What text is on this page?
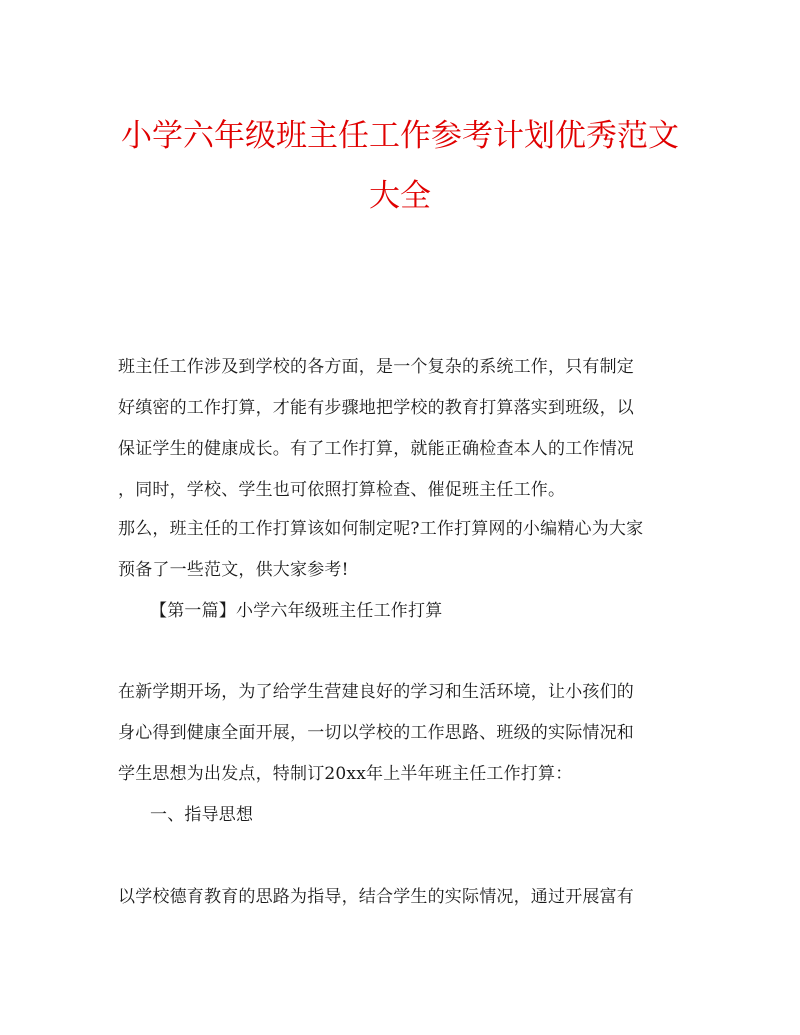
小学六年级班主任工作参考计划优秀范文
大全
班主任工作涉及到学校的各方面，是一个复杂的系统工作，只有制定
好缜密的工作打算，才能有步骤地把学校的教育打算落实到班级，以
保证学生的健康成长。有了工作打算，就能正确检查本人的工作情况
，同时，学校、学生也可依照打算检查、催促班主任工作。
那么，班主任的工作打算该如何制定呢?工作打算网的小编精心为大家
预备了一些范文，供大家参考!
【第一篇】小学六年级班主任工作打算
在新学期开场，为了给学生营建良好的学习和生活环境，让小孩们的
身心得到健康全面开展，一切以学校的工作思路、班级的实际情况和
学生思想为出发点，特制订20xx年上半年班主任工作打算：
一、指导思想
以学校德育教育的思路为指导，结合学生的实际情况，通过开展富有
